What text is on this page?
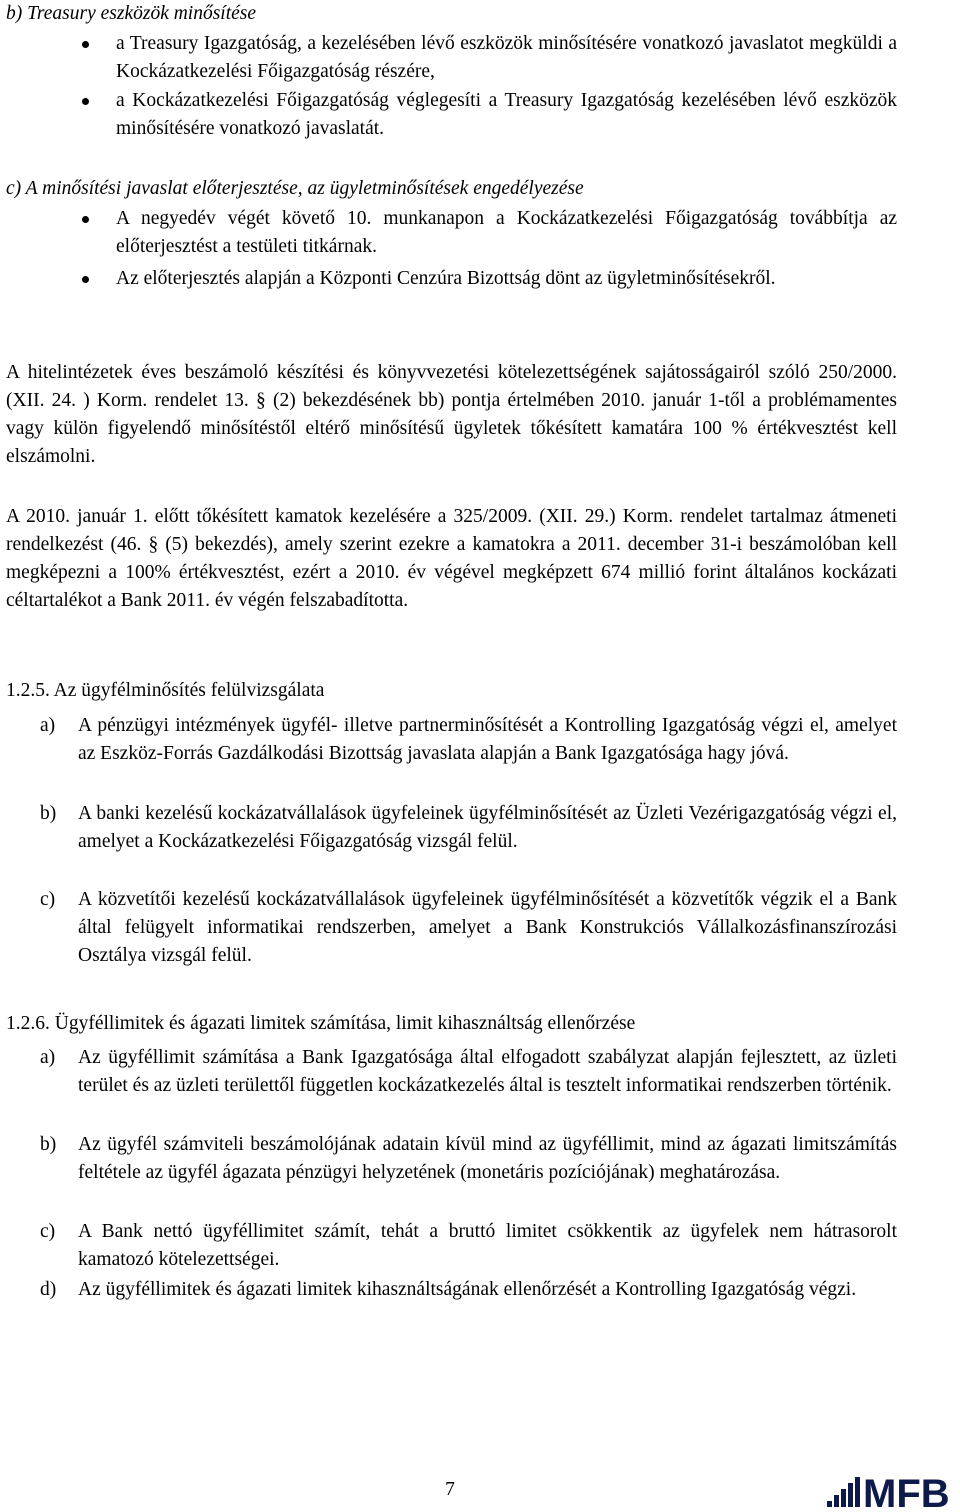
b) Treasury eszközök minősítése

a Treasury Igazgatóság, a kezelésében lévő eszközök minősítésére vonatkozó javaslatot megküldi a Kockázatkezelési Főigazgatóság részére,

a Kockázatkezelési Főigazgatóság véglegesíti a Treasury Igazgatóság kezelésében lévő eszközök minősítésére vonatkozó javaslatát.

c) A minősítési javaslat előterjesztése, az ügyletminősítések engedélyezése

A negyedév végét követő 10. munkanapon a Kockázatkezelési Főigazgatóság továbbítja az előterjesztést a testületi titkárnak.

Az előterjesztés alapján a Központi Cenzúra Bizottság dönt az ügyletminősítésekről.

A hitelintézetek éves beszámoló készítési és könyvvezetési kötelezettségének sajátosságairól szóló 250/2000. (XII. 24. ) Korm. rendelet 13. § (2) bekezdésének bb) pontja értelmében 2010. január 1-től a problémamentes vagy külön figyelendő minősítéstől eltérő minősítésű ügyletek tőkésített kamatára 100 % értékvesztést kell elszámolni.

A 2010. január 1. előtt tőkésített kamatok kezelésére a 325/2009. (XII. 29.) Korm. rendelet tartalmaz átmeneti rendelkezést (46. § (5) bekezdés), amely szerint ezekre a kamatokra a 2011. december 31-i beszámolóban kell megképezni a 100% értékvesztést, ezért a 2010. év végével megképzett 674 millió forint általános kockázati céltartalékot a Bank 2011. év végén felszabadította.

1.2.5. Az ügyfélminősítés felülvizsgálata
a) A pénzügyi intézmények ügyfél- illetve partnerminősítését a Kontrolling Igazgatóság végzi el, amelyet az Eszköz-Forrás Gazdálkodási Bizottság javaslata alapján a Bank Igazgatósága hagy jóvá.

b) A banki kezelésű kockázatvállalások ügyfeleinek ügyfélminősítését az Üzleti Vezérigazgatóság végzi el, amelyet a Kockázatkezelési Főigazgatóság vizsgál felül.

c) A közvetítői kezelésű kockázatvállalások ügyfeleinek ügyfélminősítését a közvetítők végzik el a Bank által felügyelt informatikai rendszerben, amelyet a Bank Konstrukciós Vállalkozásfinanszírozási Osztálya vizsgál felül.

1.2.6. Ügyféllimitek és ágazati limitek számítása, limit kihasználtság ellenőrzése
a) Az ügyféllimit számítása a Bank Igazgatósága által elfogadott szabályzat alapján fejlesztett, az üzleti terület és az üzleti területtől független kockázatkezelés által is tesztelt informatikai rendszerben történik.

b) Az ügyfél számviteli beszámolójának adatain kívül mind az ügyféllimit, mind az ágazati limitszámítás feltétele az ügyfél ágazata pénzügyi helyzetének (monetáris pozíciójának) meghatározása.

c) A Bank nettó ügyféllimitet számít, tehát a bruttó limitet csökkentik az ügyfelek nem hátrasorolt kamatozó kötelezettségei.

d) Az ügyféllimitek és ágazati limitek kihasználtságának ellenőrzését a Kontrolling Igazgatóság végzi.

7	MFB
